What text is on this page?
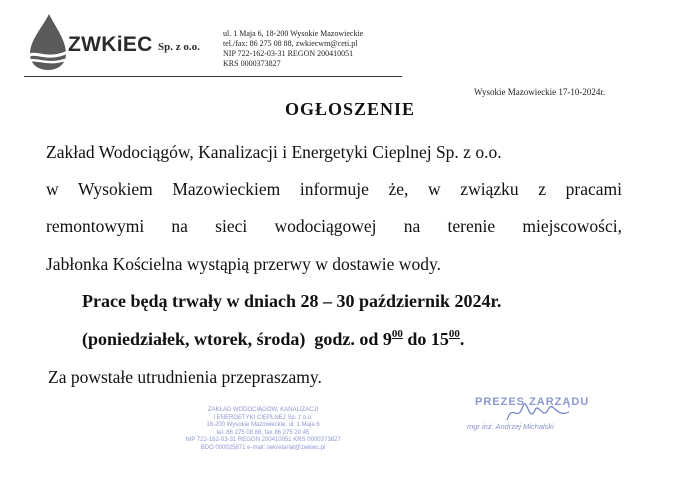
ZWKiEC Sp. z o.o.
ul. 1 Maja 6, 18-200 Wysokie Mazowieckie
tel./fax: 86 275 08 88, zwkiecwm@ceti.pl
NIP 722-162-03-31 REGON 200410051
KRS 0000373827
Wysokie Mazowieckie 17-10-2024r.
OGŁOSZENIE
Zakład Wodociągów, Kanalizacji i Energetyki Cieplnej Sp. z o.o.
w Wysokiem Mazowieckiem informuje że, w związku z pracami
remontowymi na sieci wodociągowej na terenie miejscowości,
Jabłonka Kościelna wystąpią przerwy w dostawie wody.
Prace będą trwały w dniach 28 – 30 październik 2024r.
(poniedziałek, wtorek, środa) godz. od $9^{00}$ do $15^{00}$.
Za powstałe utrudnienia przepraszamy.
ZAKŁAD WODOCIĄGÓW, KANALIZACJI
I ENERGETYKI CIEPLNEJ Sp. z o.o.
18-200 Wysokie Mazowieckie, ul. 1 Maja 6
tel. 86 275 08 88, fax 86 275 20 45
NIP 722-162-03-31 REGON 200410051 KRS 0000373827
BDO 000025871 e-mail: sekretariat@zwkiec.pl
PREZES ZARZĄDU
mgr inż. Andrzej Michalski
